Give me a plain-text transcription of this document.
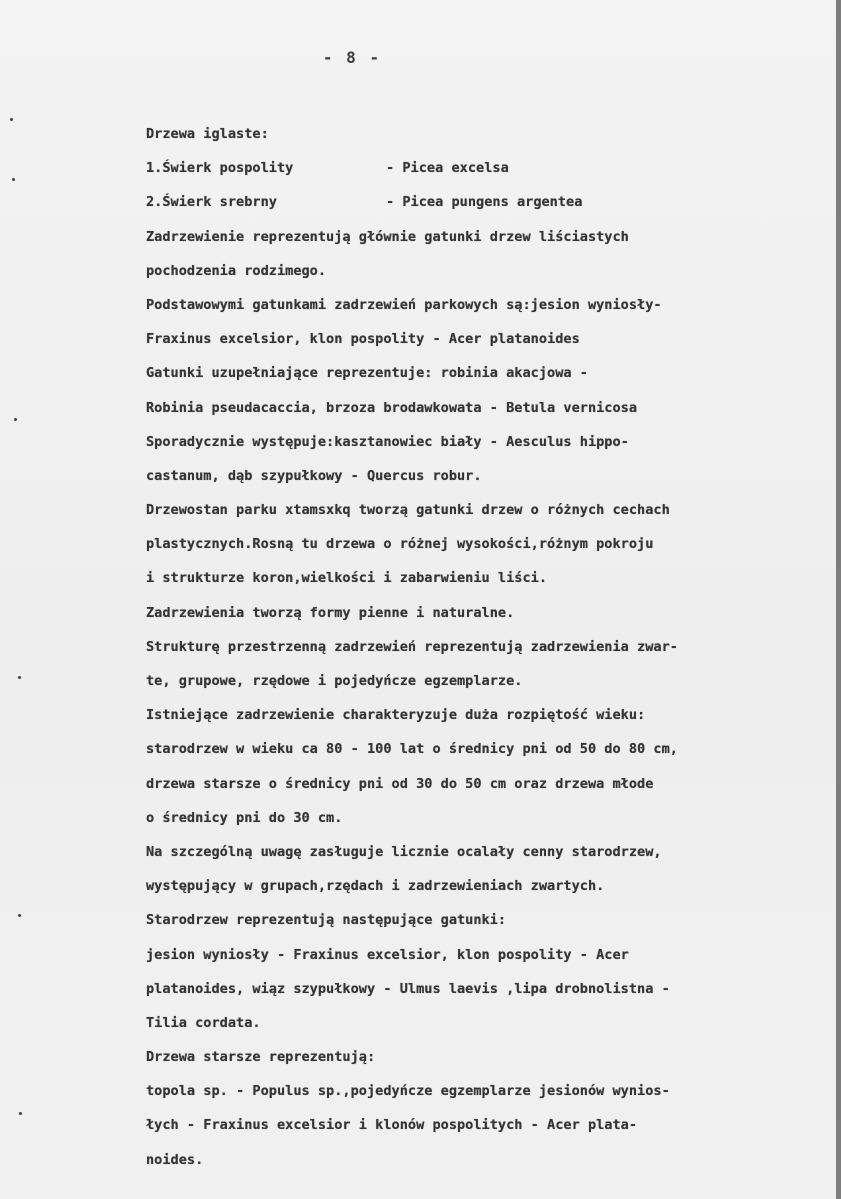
- 8 -
Drzewa iglaste:
1.Świerk pospolity	- Picea excelsa
2.Świerk srebrny	- Picea pungens argentea
Zadrzewienie reprezentują głównie gatunki drzew liściastych
pochodzenia rodzimego.
Podstawowymi gatunkami zadrzewień parkowych są:jesion wyniosły-
Fraxinus excelsior, klon pospolity - Acer platanoides
Gatunki uzupełniające reprezentuje: robinia akacjowa -
Robinia pseudacaccia, brzoza brodawkowata - Betula vernicosa
Sporadycznie występuje:kasztanowiec biały - Aesculus hippo-
castanum, dąb szypułkowy - Quercus robur.
Drzewostan parku xtamsxkq tworzą gatunki drzew o różnych cechach
plastycznych.Rosną tu drzewa o różnej wysokości,różnym pokroju
i strukturze koron,wielkości i zabarwieniu liści.
Zadrzewienia tworzą formy pienne i naturalne.
Strukturę przestrzenną zadrzewień reprezentują zadrzewienia zwar-
te, grupowe, rzędowe i pojedyńcze egzemplarze.
Istniejące zadrzewienie charakteryzuje duża rozpiętość wieku:
starodrzew w wieku ca 80 - 100 lat o średnicy pni od 50 do 80 cm,
drzewa starsze o średnicy pni od 30 do 50 cm oraz drzewa młode
o średnicy pni do 30 cm.
Na szczególną uwagę zasługuje licznie ocalały cenny starodrzew,
występujący w grupach,rzędach i zadrzewieniach zwartych.
Starodrzew reprezentują następujące gatunki:
jesion wyniosły - Fraxinus excelsior, klon pospolity - Acer
platanoides, wiąz szypułkowy - Ulmus laevis ,lipa drobnolistna -
Tilia cordata.
Drzewa starsze reprezentują:
topola sp. - Populus sp.,pojedyńcze egzemplarze jesionów wynios-
łych - Fraxinus excelsior i klonów pospolitych - Acer plata-
noides.
